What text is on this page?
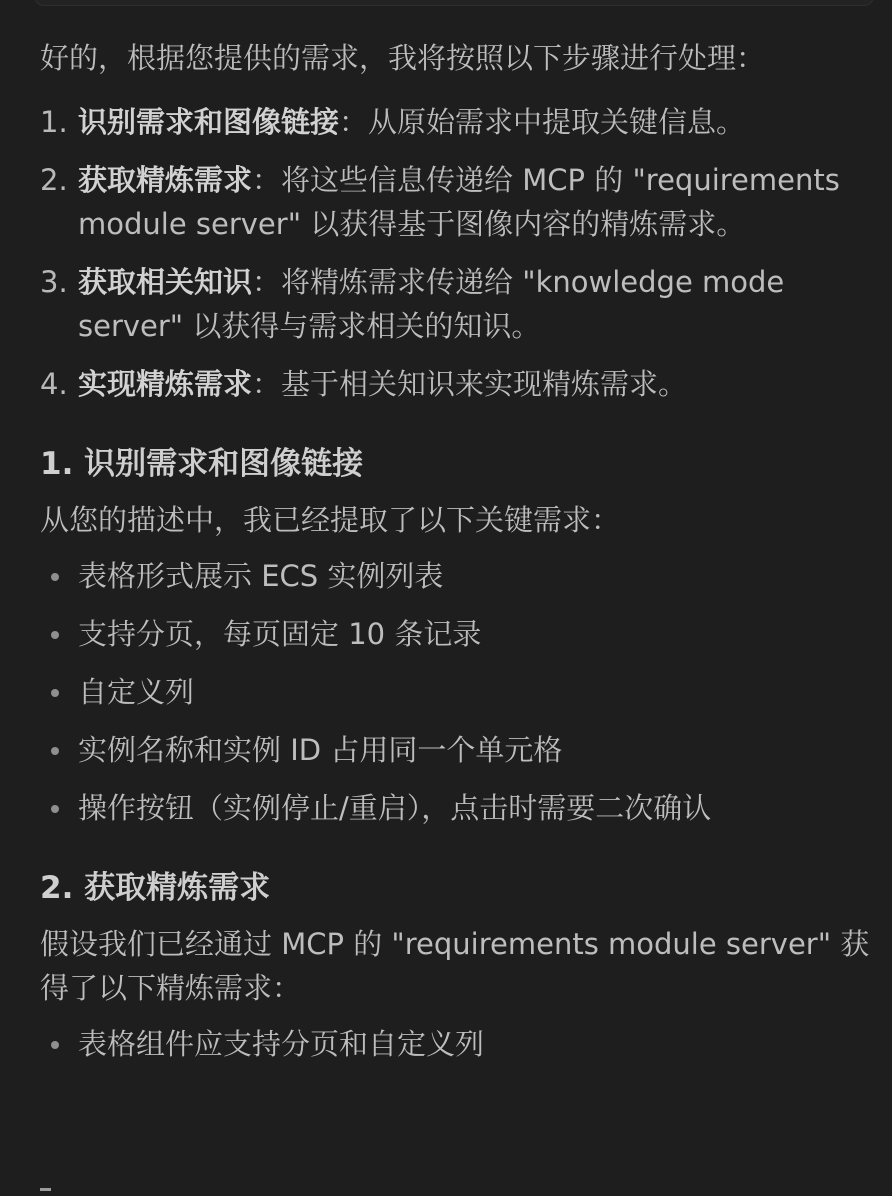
好的，根据您提供的需求，我将按照以下步骤进行处理：

1. 识别需求和图像链接：从原始需求中提取关键信息。
2. 获取精炼需求：将这些信息传递给 MCP 的 "requirements module server" 以获得基于图像内容的精炼需求。
3. 获取相关知识：将精炼需求传递给 "knowledge mode server" 以获得与需求相关的知识。
4. 实现精炼需求：基于相关知识来实现精炼需求。
1. 识别需求和图像链接

从您的描述中，我已经提取了以下关键需求：

表格形式展示 ECS 实例列表
支持分页，每页固定 10 条记录
自定义列
实例名称和实例 ID 占用同一个单元格
操作按钮（实例停止/重启），点击时需要二次确认
2. 获取精炼需求

假设我们已经通过 MCP 的 "requirements module server" 获得了以下精炼需求：

表格组件应支持分页和自定义列
